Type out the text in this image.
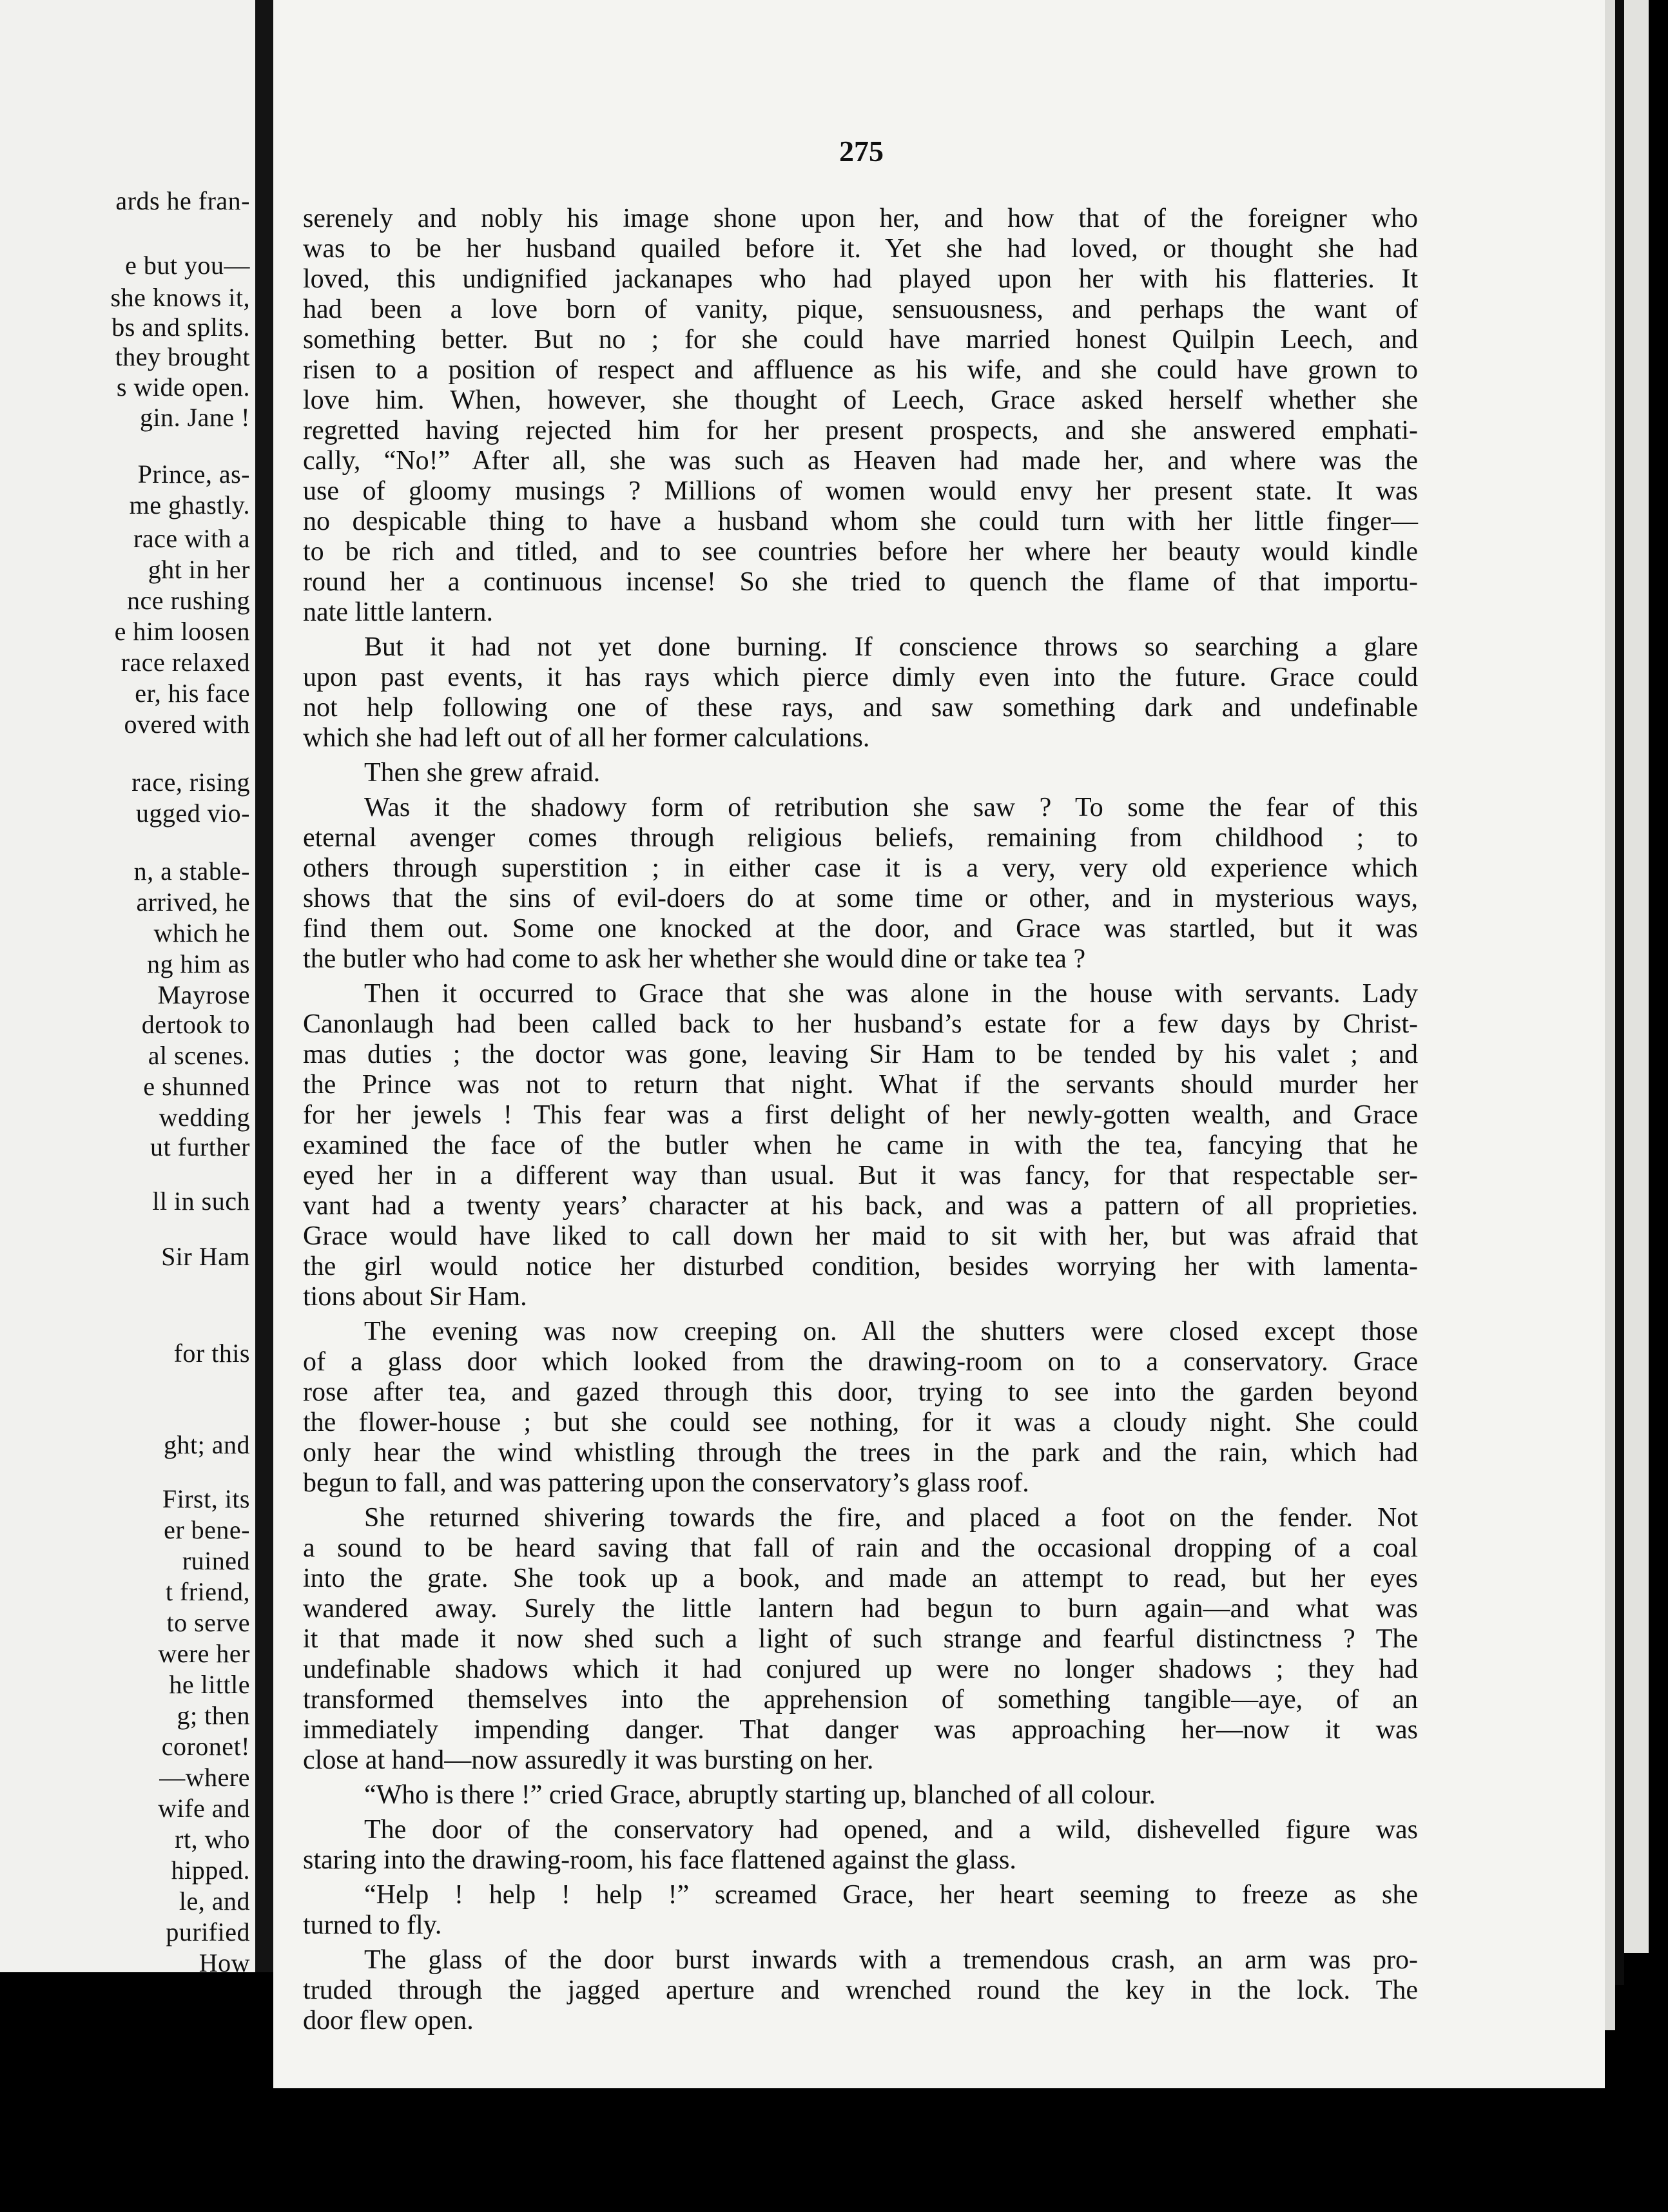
ards he fran-
e but you—
she knows it,
bs and splits.
they brought
s wide open.
gin. Jane !
Prince, as-
me ghastly.
race with a
ght in her
nce rushing
e him loosen
race relaxed
er, his face
overed with
race, rising
ugged vio-
n, a stable-
arrived, he
which he
ng him as
Mayrose
dertook to
al scenes.
e shunned
wedding
ut further
ll in such
Sir Ham
for this
ght; and
First, its
er bene-
ruined
t friend,
to serve
were her
he little
g; then
coronet!
—where
wife and
rt, who
hipped.
le, and
purified
How
275
serenely and nobly his image shone upon her, and how that of the foreigner who
was to be her husband quailed before it. Yet she had loved, or thought she had
loved, this undignified jackanapes who had played upon her with his flatteries. It
had been a love born of vanity, pique, sensuousness, and perhaps the want of
something better. But no ; for she could have married honest Quilpin Leech, and
risen to a position of respect and affluence as his wife, and she could have grown to
love him. When, however, she thought of Leech, Grace asked herself whether she
regretted having rejected him for her present prospects, and she answered emphati-
cally, “No!” After all, she was such as Heaven had made her, and where was the
use of gloomy musings ? Millions of women would envy her present state. It was
no despicable thing to have a husband whom she could turn with her little finger—
to be rich and titled, and to see countries before her where her beauty would kindle
round her a continuous incense! So she tried to quench the flame of that importu-
nate little lantern.
But it had not yet done burning. If conscience throws so searching a glare
upon past events, it has rays which pierce dimly even into the future. Grace could
not help following one of these rays, and saw something dark and undefinable
which she had left out of all her former calculations.
Then she grew afraid.
Was it the shadowy form of retribution she saw ? To some the fear of this
eternal avenger comes through religious beliefs, remaining from childhood ; to
others through superstition ; in either case it is a very, very old experience which
shows that the sins of evil-doers do at some time or other, and in mysterious ways,
find them out. Some one knocked at the door, and Grace was startled, but it was
the butler who had come to ask her whether she would dine or take tea ?
Then it occurred to Grace that she was alone in the house with servants. Lady
Canonlaugh had been called back to her husband’s estate for a few days by Christ-
mas duties ; the doctor was gone, leaving Sir Ham to be tended by his valet ; and
the Prince was not to return that night. What if the servants should murder her
for her jewels ! This fear was a first delight of her newly-gotten wealth, and Grace
examined the face of the butler when he came in with the tea, fancying that he
eyed her in a different way than usual. But it was fancy, for that respectable ser-
vant had a twenty years’ character at his back, and was a pattern of all proprieties.
Grace would have liked to call down her maid to sit with her, but was afraid that
the girl would notice her disturbed condition, besides worrying her with lamenta-
tions about Sir Ham.
The evening was now creeping on. All the shutters were closed except those
of a glass door which looked from the drawing-room on to a conservatory. Grace
rose after tea, and gazed through this door, trying to see into the garden beyond
the flower-house ; but she could see nothing, for it was a cloudy night. She could
only hear the wind whistling through the trees in the park and the rain, which had
begun to fall, and was pattering upon the conservatory’s glass roof.
She returned shivering towards the fire, and placed a foot on the fender. Not
a sound to be heard saving that fall of rain and the occasional dropping of a coal
into the grate. She took up a book, and made an attempt to read, but her eyes
wandered away. Surely the little lantern had begun to burn again—and what was
it that made it now shed such a light of such strange and fearful distinctness ? The
undefinable shadows which it had conjured up were no longer shadows ; they had
transformed themselves into the apprehension of something tangible—aye, of an
immediately impending danger. That danger was approaching her—now it was
close at hand—now assuredly it was bursting on her.
“Who is there !” cried Grace, abruptly starting up, blanched of all colour.
The door of the conservatory had opened, and a wild, dishevelled figure was
staring into the drawing-room, his face flattened against the glass.
“Help ! help ! help !” screamed Grace, her heart seeming to freeze as she
turned to fly.
The glass of the door burst inwards with a tremendous crash, an arm was pro-
truded through the jagged aperture and wrenched round the key in the lock. The
door flew open.
